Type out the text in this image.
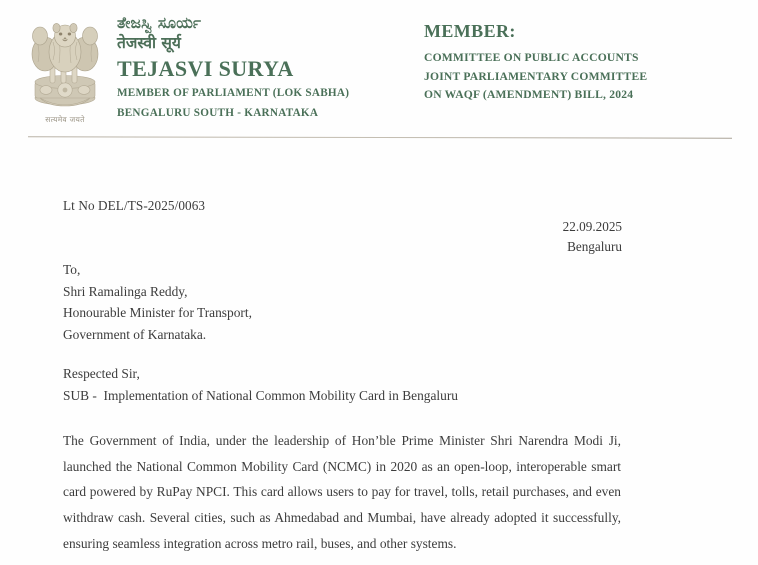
सत्यमेव जयते
ತೇಜಸ್ವಿ ಸೂರ್ಯ
तेजस्वी सूर्य
TEJASVI SURYA
MEMBER OF PARLIAMENT (LOK SABHA)
BENGALURU SOUTH - KARNATAKA
MEMBER:
COMMITTEE ON PUBLIC ACCOUNTS
JOINT PARLIAMENTARY COMMITTEE
ON WAQF (AMENDMENT) BILL, 2024
Lt No DEL/TS-2025/0063
22.09.2025
Bengaluru
To,
Shri Ramalinga Reddy,
Honourable Minister for Transport,
Government of Karnataka.
Respected Sir,
SUB -  Implementation of National Common Mobility Card in Bengaluru
The Government of India, under the leadership of Hon’ble Prime Minister Shri Narendra Modi Ji, launched the National Common Mobility Card (NCMC) in 2020 as an open-loop, interoperable smart card powered by RuPay NPCI. This card allows users to pay for travel, tolls, retail purchases, and even withdraw cash. Several cities, such as Ahmedabad and Mumbai, have already adopted it successfully, ensuring seamless integration across metro rail, buses, and other systems.
